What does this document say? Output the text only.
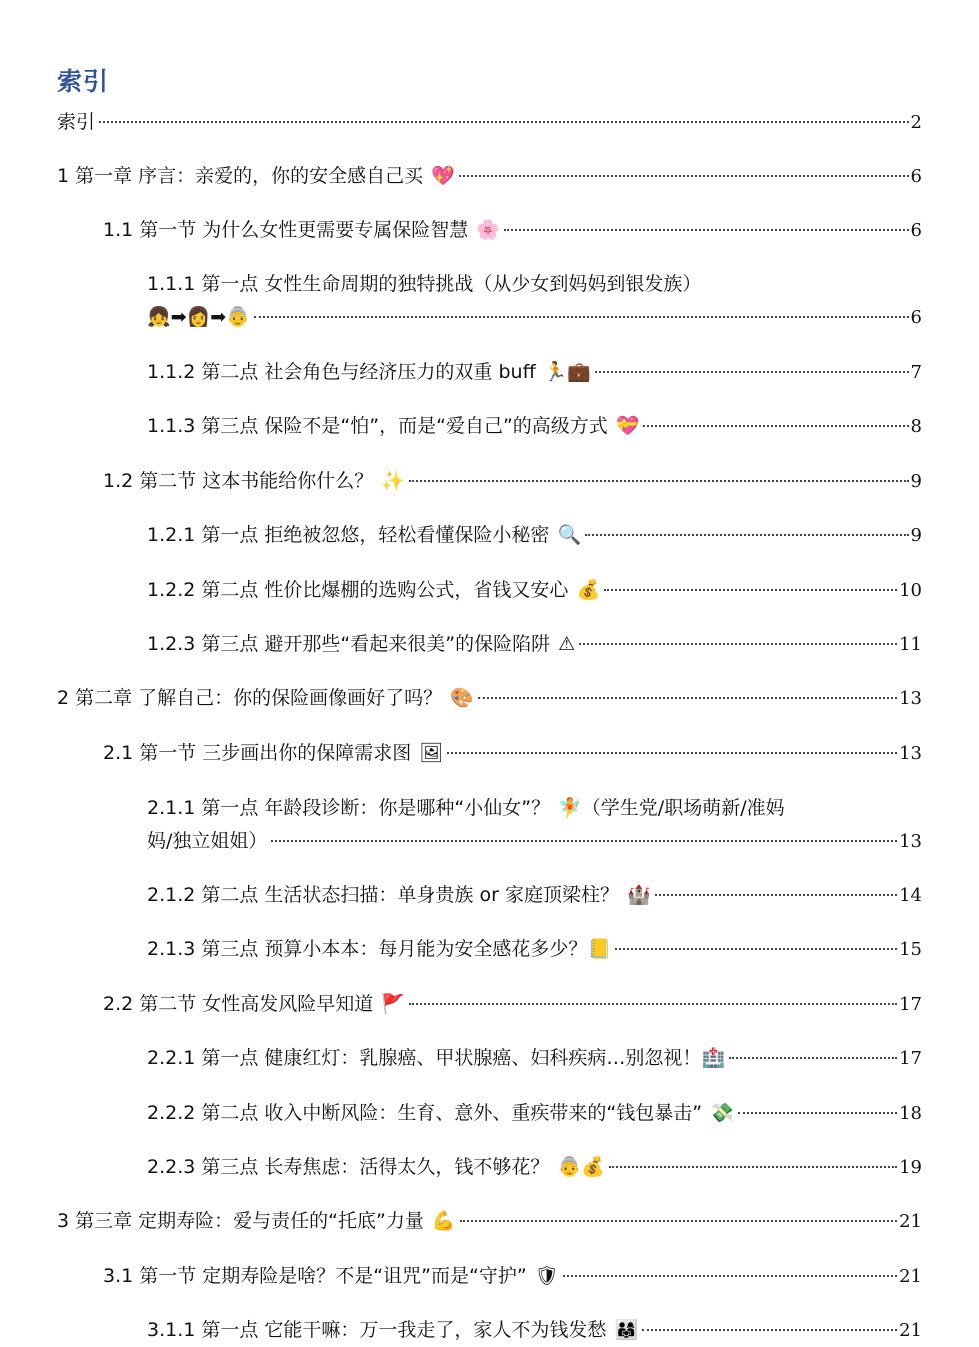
索引
索引	2
1 第一章 序言：亲爱的，你的安全感自己买 💖	6
1.1 第一节 为什么女性更需要专属保险智慧 🌸	6
1.1.1 第一点 女性生命周期的独特挑战（从少女到妈妈到银发族）
👧 ➡ 👩 ➡ 👵	6
1.1.2 第二点 社会角色与经济压力的双重 buff 🏃 💼	7
1.1.3 第三点 保险不是“怕”，而是“爱自己”的高级方式 💝	8
1.2 第二节 这本书能给你什么？ ✨	9
1.2.1 第一点 拒绝被忽悠，轻松看懂保险小秘密 🔍	9
1.2.2 第二点 性价比爆棚的选购公式，省钱又安心 💰	10
1.2.3 第三点 避开那些“看起来很美”的保险陷阱 ⚠	11
2 第二章 了解自己：你的保险画像画好了吗？ 🎨	13
2.1 第一节 三步画出你的保障需求图 🖼	13
2.1.1 第一点 年龄段诊断：你是哪种“小仙女”？ 🧚 （学生党/职场萌新/准妈
妈/独立姐姐）	13
2.1.2 第二点 生活状态扫描：单身贵族 or 家庭顶梁柱？ 🏰	14
2.1.3 第三点 预算小本本：每月能为安全感花多少？ 📒	15
2.2 第二节 女性高发风险早知道 🚩	17
2.2.1 第一点 健康红灯：乳腺癌、甲状腺癌、妇科疾病…别忽视！ 🏥	17
2.2.2 第二点 收入中断风险：生育、意外、重疾带来的“钱包暴击” 💸	18
2.2.3 第三点 长寿焦虑：活得太久，钱不够花？ 👵 💰	19
3 第三章 定期寿险：爱与责任的“托底”力量 💪	21
3.1 第一节 定期寿险是啥？不是“诅咒”而是“守护” 🛡	21
3.1.1 第一点 它能干嘛：万一我走了，家人不为钱发愁 👨‍👩‍👧	21
